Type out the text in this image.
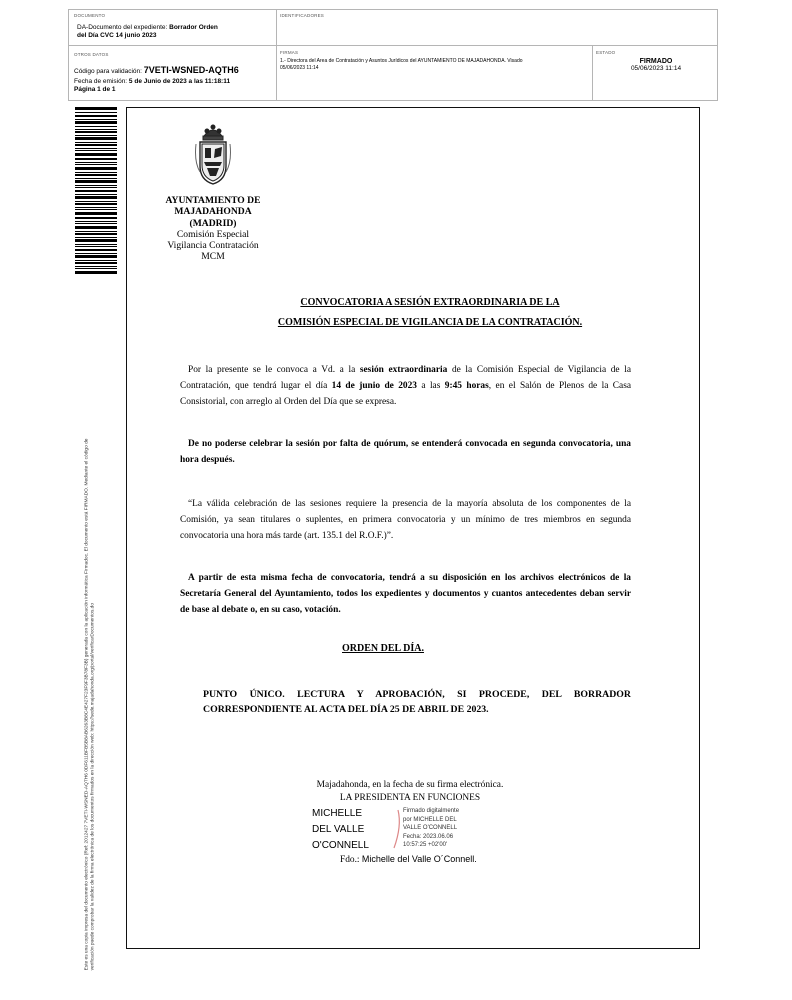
DOCUMENTO
DA-Documento del expediente: Borrador Orden
del Día CVC 14 junio 2023
IDENTIFICADORES
OTROS DATOS
Código para validación: 7VETI-WSNED-AQTH6
Fecha de emisión: 5 de Junio de 2023 a las 11:18:11
Página 1 de 1
FIRMAS
1.- Directora del Area de Contratación y Asuntos Jurídicos del AYUNTAMIENTO DE MAJADAHONDA. Visado
05/06/2023 11:14
ESTADO
FIRMADO
05/06/2023 11:14
Este es una copia impresa del documento electrónico (Ref: 2012427 7VETI-WSNED-AQTH6 0DF611BFB5B8AB6263B8C4E427F23F9F3B78F3B) generada con la aplicación informática Firmadoc. El documento está FIRMADO. Mediante el código de verificación puede comprobar la validez de la firma electrónica de los documentos firmados en la dirección web: https://sede.majadahonda.org/portal/verificarDocumentos.do
AYUNTAMIENTO DE
MAJADAHONDA
(MADRID)
Comisión Especial
Vigilancia Contratación
MCM
CONVOCATORIA A SESIÓN EXTRAORDINARIA DE LA
COMISIÓN ESPECIAL DE VIGILANCIA DE LA CONTRATACIÓN.
Por la presente se le convoca a Vd. a la sesión extraordinaria de la Comisión Especial de Vigilancia de la Contratación, que tendrá lugar el día 14 de junio de 2023 a las 9:45 horas, en el Salón de Plenos de la Casa Consistorial, con arreglo al Orden del Día que se expresa.
De no poderse celebrar la sesión por falta de quórum, se entenderá convocada en segunda convocatoria, una hora después.
“La válida celebración de las sesiones requiere la presencia de la mayoría absoluta de los componentes de la Comisión, ya sean titulares o suplentes, en primera convocatoria y un mínimo de tres miembros en segunda convocatoria una hora más tarde (art. 135.1 del R.O.F.)”.
A partir de esta misma fecha de convocatoria, tendrá a su disposición en los archivos electrónicos de la Secretaría General del Ayuntamiento, todos los expedientes y documentos y cuantos antecedentes deban servir de base al debate o, en su caso, votación.
ORDEN DEL DÍA.
PUNTO ÚNICO. LECTURA Y APROBACIÓN, SI PROCEDE, DEL BORRADOR CORRESPONDIENTE AL ACTA DEL DÍA 25 DE ABRIL DE 2023.
Majadahonda, en la fecha de su firma electrónica.
LA PRESIDENTA EN FUNCIONES
MICHELLE
DEL VALLE
O'CONNELL
Firmado digitalmente
por MICHELLE DEL
VALLE O'CONNELL
Fecha: 2023.06.06
10:57:25 +02'00'
Fdo.: Michelle del Valle O´Connell.
